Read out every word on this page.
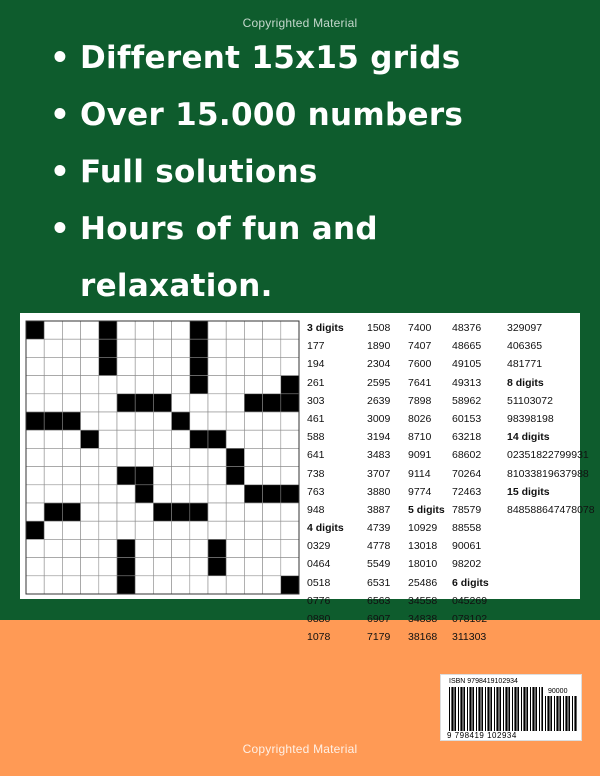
Copyrighted Material
• Different 15x15 grids
• Over 15.000 numbers
• Full solutions
• Hours of fun and
relaxation.
3 digits
177
194
261
303
461
588
641
738
763
948
4 digits
0329
0464
0518
0776
0880
1078
1508
1890
2304
2595
2639
3009
3194
3483
3707
3880
3887
4739
4778
5549
6531
6563
6907
7179
7400
7407
7600
7641
7898
8026
8710
9091
9114
9774
5 digits
10929
13018
18010
25486
34558
34838
38168
48376
48665
49105
49313
58962
60153
63218
68602
70264
72463
78579
88558
90061
98202
6 digits
045269
078102
311303
329097
406365
481771
8 digits
51103072
98398198
14 digits
02351822799931
81033819637988
15 digits
848588647478078
Copyrighted Material
ISBN 9798419102934
90000
9 798419 102934
